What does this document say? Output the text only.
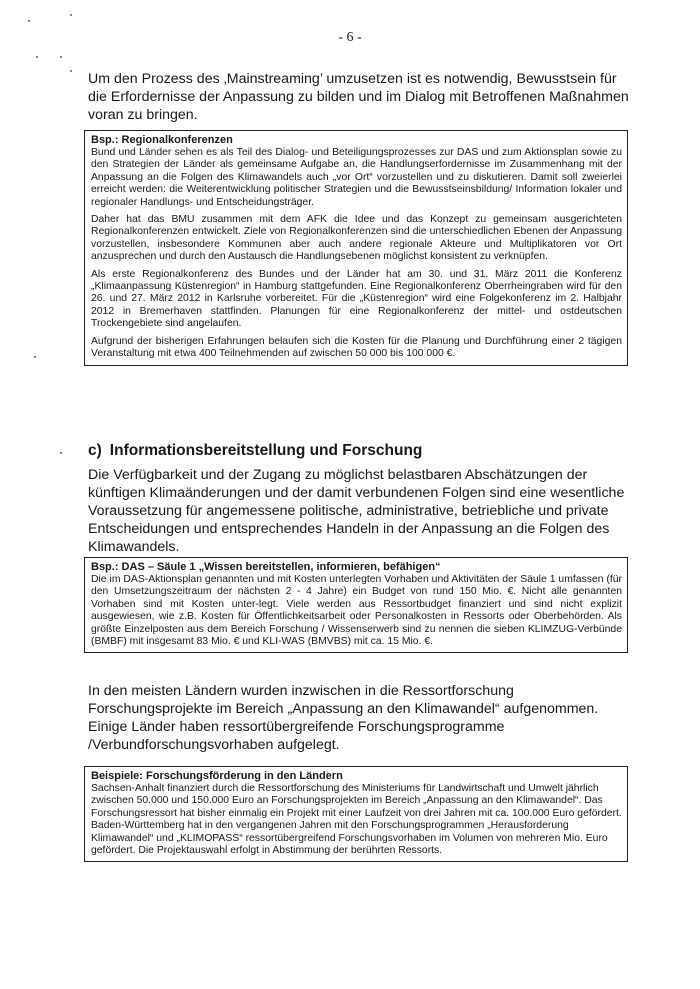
- 6 -
Um den Prozess des ‚Mainstreaming’ umzusetzen ist es notwendig, Bewusstsein für die Erfordernisse der Anpassung zu bilden und im Dialog mit Betroffenen Maßnahmen voran zu bringen.
Bsp.: Regionalkonferenzen

Bund und Länder sehen es als Teil des Dialog- und Beteiligungsprozesses zur DAS und zum Aktionsplan sowie zu den Strategien der Länder als gemeinsame Aufgabe an, die Handlungserfordernisse im Zusammenhang mit der Anpassung an die Folgen des Klimawandels auch „vor Ort“ vorzustellen und zu diskutieren. Damit soll zweierlei erreicht werden: die Weiterentwicklung politischer Strategien und die Bewusstseinsbildung/ Information lokaler und regionaler Handlungs- und Entscheidungsträger.

Daher hat das BMU zusammen mit dem AFK die Idee und das Konzept zu gemeinsam ausgerichteten Regionalkonferenzen entwickelt. Ziele von Regionalkonferenzen sind die unterschiedlichen Ebenen der Anpassung vorzustellen, insbesondere Kommunen aber auch andere regionale Akteure und Multiplikatoren vor Ort anzusprechen und durch den Austausch die Handlungsebenen möglichst konsistent zu verknüpfen.

Als erste Regionalkonferenz des Bundes und der Länder hat am 30. und 31. März 2011 die Konferenz „Klimaanpassung Küstenregion“ in Hamburg stattgefunden. Eine Regionalkonferenz Oberrheingraben wird für den 26. und 27. März 2012 in Karlsruhe vorbereitet. Für die „Küstenregion“ wird eine Folgekonferenz im 2. Halbjahr 2012 in Bremerhaven stattfinden. Planungen für eine Regionalkonferenz der mittel- und ostdeutschen Trockengebiete sind angelaufen.

Aufgrund der bisherigen Erfahrungen belaufen sich die Kosten für die Planung und Durchführung einer 2 tägigen Veranstaltung mit etwa 400 Teilnehmenden auf zwischen 50 000 bis 100 000 €.

c) Informationsbereitstellung und Forschung
Die Verfügbarkeit und der Zugang zu möglichst belastbaren Abschätzungen der künftigen Klimaänderungen und der damit verbundenen Folgen sind eine wesentliche Voraussetzung für angemessene politische, administrative, betriebliche und private Entscheidungen und entsprechendes Handeln in der Anpassung an die Folgen des Klimawandels.
Bsp.: DAS – Säule 1 „Wissen bereitstellen, informieren, befähigen“

Die im DAS-Aktionsplan genannten und mit Kosten unterlegten Vorhaben und Aktivitäten der Säule 1 umfassen (für den Umsetzungszeitraum der nächsten 2 - 4 Jahre) ein Budget von rund 150 Mio. €. Nicht alle genannten Vorhaben sind mit Kosten unter-legt. Viele werden aus Ressortbudget finanziert und sind nicht explizit ausgewiesen, wie z.B. Kosten für Öffentlichkeitsarbeit oder Personalkosten in Ressorts oder Oberbehörden. Als größte Einzelposten aus dem Bereich Forschung / Wissenserwerb sind zu nennen die sieben KLIMZUG-Verbünde (BMBF) mit insgesamt 83 Mio. € und KLI-WAS (BMVBS) mit ca. 15 Mio. €.

In den meisten Ländern wurden inzwischen in die Ressortforschung Forschungsprojekte im Bereich „Anpassung an den Klimawandel“ aufgenommen. Einige Länder haben ressortübergreifende Forschungsprogramme /Verbundforschungsvorhaben aufgelegt.
Beispiele: Forschungsförderung in den Ländern

Sachsen-Anhalt finanziert durch die Ressortforschung des Ministeriums für Landwirtschaft und Umwelt jährlich zwischen 50.000 und 150.000 Euro an Forschungsprojekten im Bereich „Anpassung an den Klimawandel“. Das Forschungsressort hat bisher einmalig ein Projekt mit einer Laufzeit von drei Jahren mit ca. 100.000 Euro gefördert.

Baden-Württemberg hat in den vergangenen Jahren mit den Forschungsprogrammen „Herausforderung Klimawandel“ und „KLIMOPASS“ ressortübergreifend Forschungsvorhaben im Volumen von mehreren Mio. Euro gefördert. Die Projektauswahl erfolgt in Abstimmung der berührten Ressorts.
